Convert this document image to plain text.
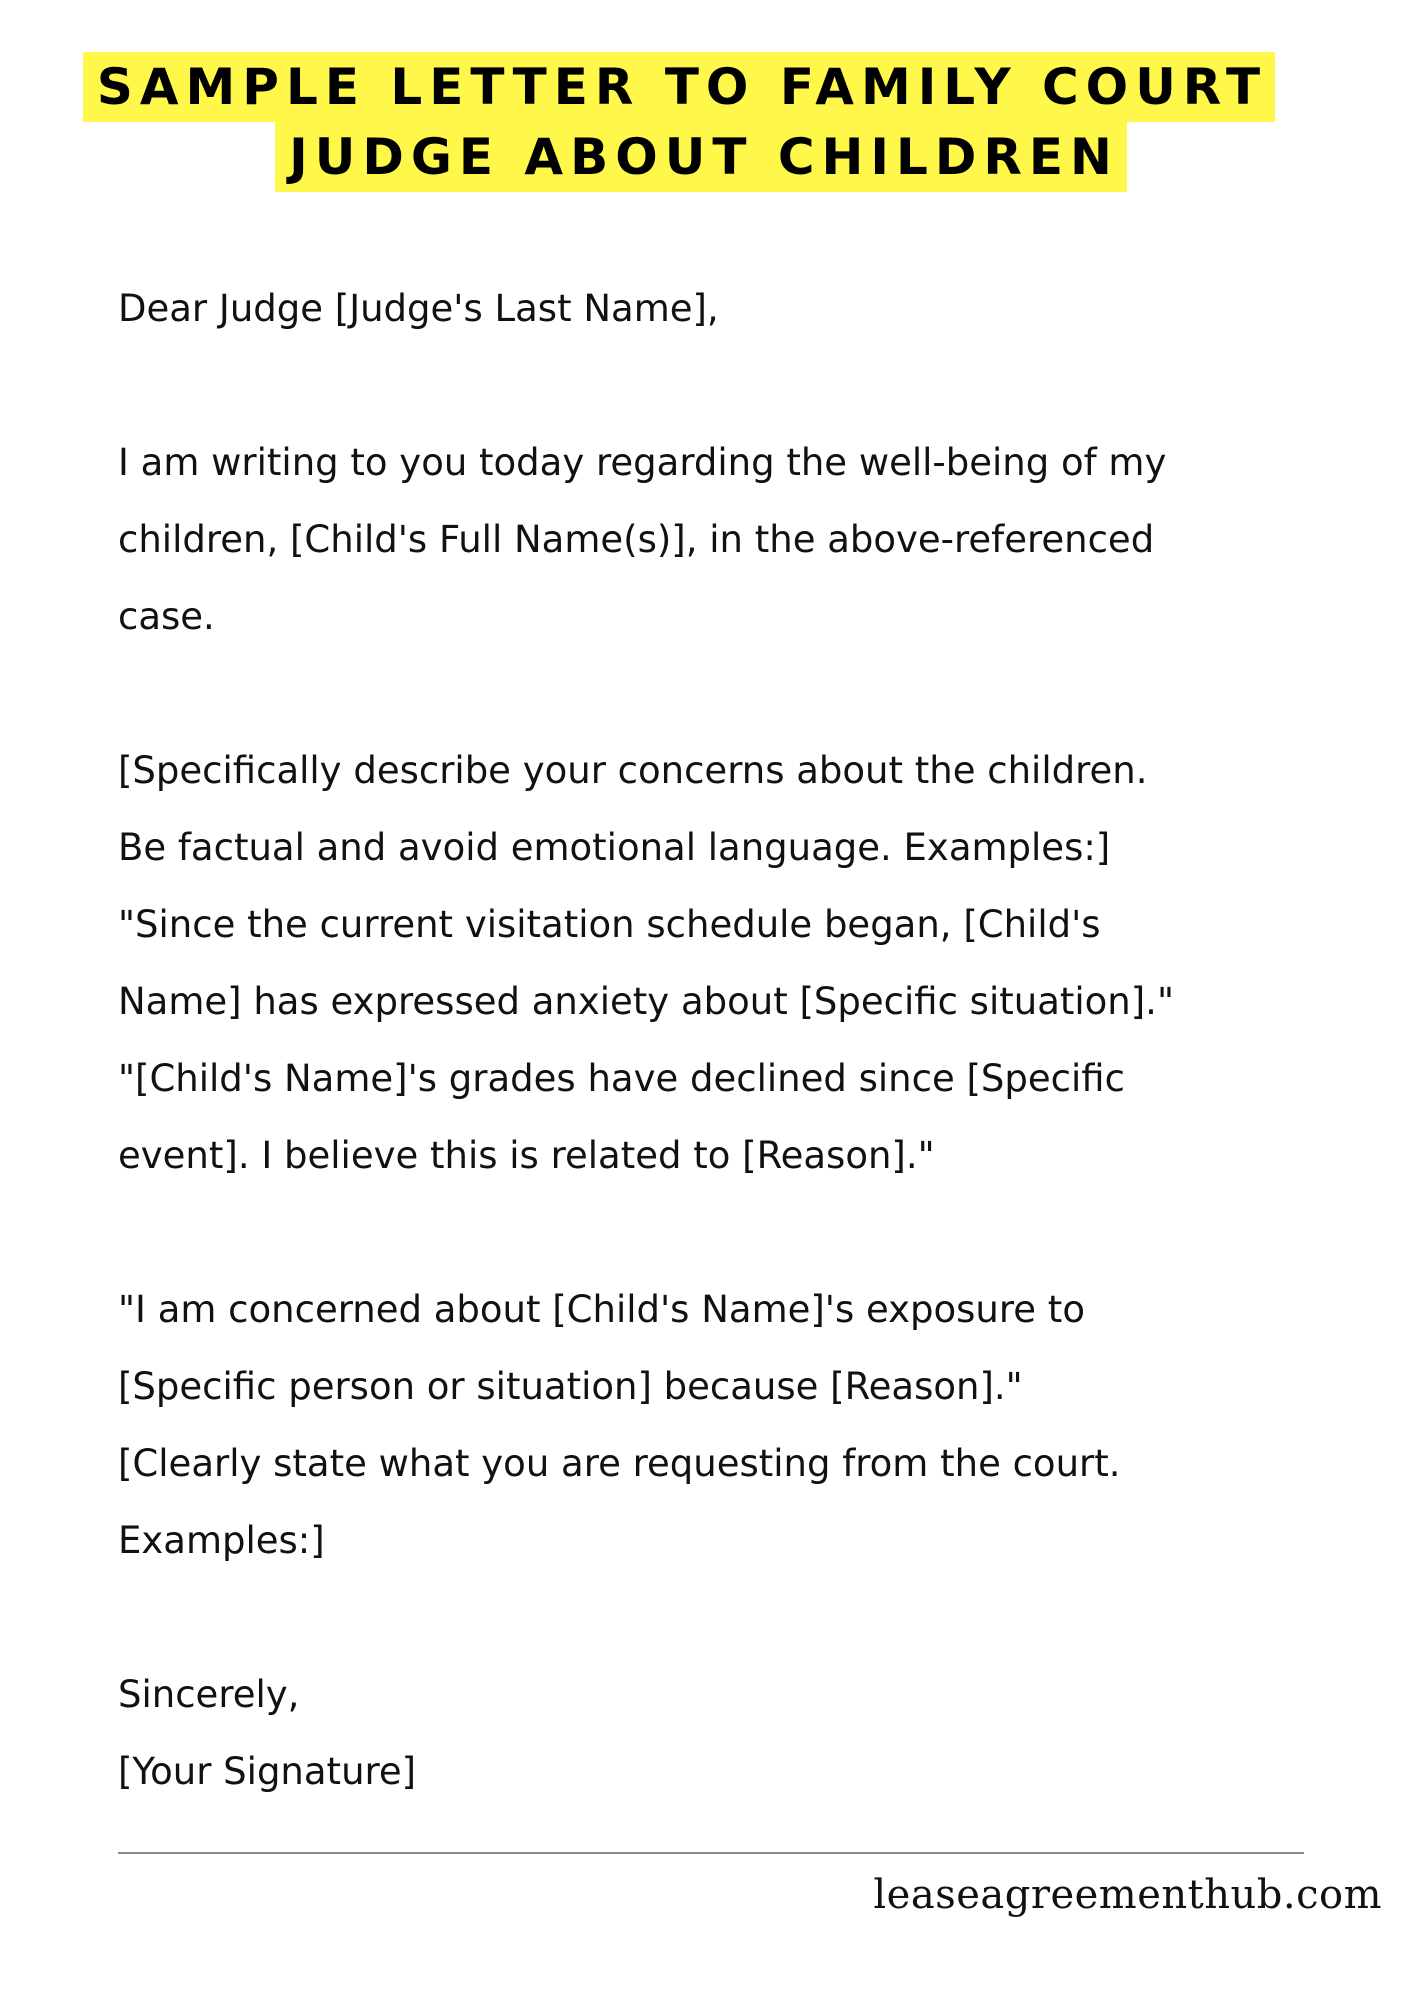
SAMPLE LETTER TO FAMILY COURT
JUDGE ABOUT CHILDREN

Dear Judge [Judge's Last Name],

I am writing to you today regarding the well-being of my

children, [Child's Full Name(s)], in the above-referenced

case.

[Specifically describe your concerns about the children.

Be factual and avoid emotional language. Examples:]

"Since the current visitation schedule began, [Child's

Name] has expressed anxiety about [Specific situation]."

"[Child's Name]'s grades have declined since [Specific

event]. I believe this is related to [Reason]."

"I am concerned about [Child's Name]'s exposure to

[Specific person or situation] because [Reason]."

[Clearly state what you are requesting from the court.

Examples:]

Sincerely,

[Your Signature]

leaseagreementhub.com
